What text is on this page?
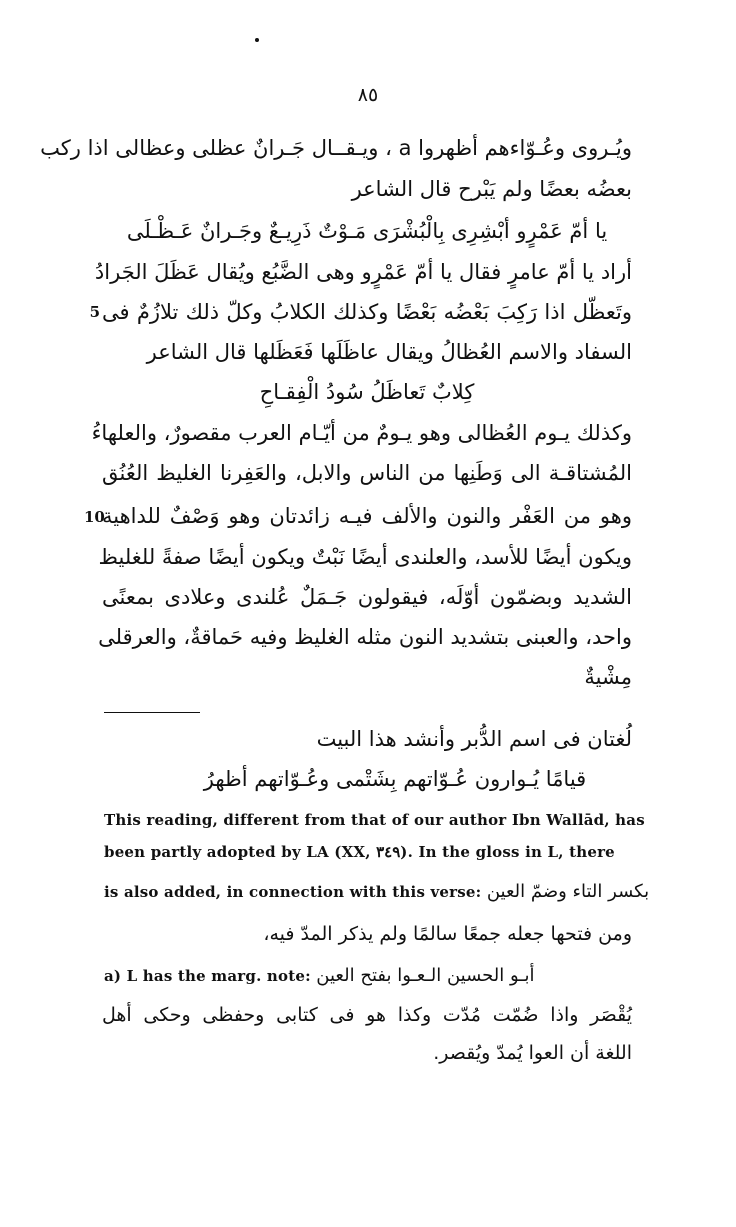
٨٥
ويُـروى وعُـوّاءهم أظهروا a ، ويـقــال جَـرانٌ عظلى وعظالى اذا ركب
بعضُه بعضًا ولم يَبْرح قال الشاعر
يا أمّ عَمْرٍو أبْشِرِى بِالْبُشْرَى مَـوْتٌ ذَرِيـعٌ وجَـرانٌ عَـظْـلَى
أراد يا أمّ عامرٍ فقال يا أمّ عَمْرٍو وهى الضَّبُع ويُقال عَظَلَ الجَرادُ
وتَعظّل اذا رَكِبَ بَعْضُه بَعْضًا وكذلك الكلابُ وكلّ ذلك تلازُمٌ فى
5
السفاد والاسم العُظالُ ويقال عاظَلَها فَعَظَلها قال الشاعر
كِلابٌ تَعاظَلُ سُودُ الْفِقـاحِ
وكذلك يـوم العُظالى وهو يـومٌ من أيّـام العرب مقصورٌ، والعلهاءُ
المُشتاقـة الى وَطَنِها من الناس والابل، والعَفِرنا الغليظ العُنُق
وهو من العَفْر والنون والألف فيـه زائدتان وهو وَصْفٌ للداهية
10
ويكون أيضًا للأسد، والعلندى أيضًا نَبْتٌ ويكون أيضًا صفةً للغليظ
الشديد وبضمّون أوّلَه، فيقولون جَـمَلٌ عُلندى وعلادى بمعنًى
واحد، والعبنى بتشديد النون مثله الغليظ وفيه حَماقةٌ، والعرقلى
مِشْيةٌ
لُغتان فى اسم الدُّبر وأنشد هذا البيت
قيامًا يُـوارون عُـوّاتهم بِشَتْمى وعُـوّاتهم أظهرُ
This reading, different from that of our author Ibn Wallād, has
been partly adopted by LA (XX, ٣٤٩). In the gloss in L, there
is also added, in connection with this verse: بكسر التاء وضمّ العين
ومن فتحها جعله جمعًا سالمًا ولم يذكر المدّ فيه،
a) L has the marg. note: أبـو الحسين الـعـوا بفتح العين
يُقْصَر واذا ضُمّت مُدّت وكذا هو فى كتابى وحفظى وحكى أهل
اللغة أن العوا يُمدّ ويُقصر.
